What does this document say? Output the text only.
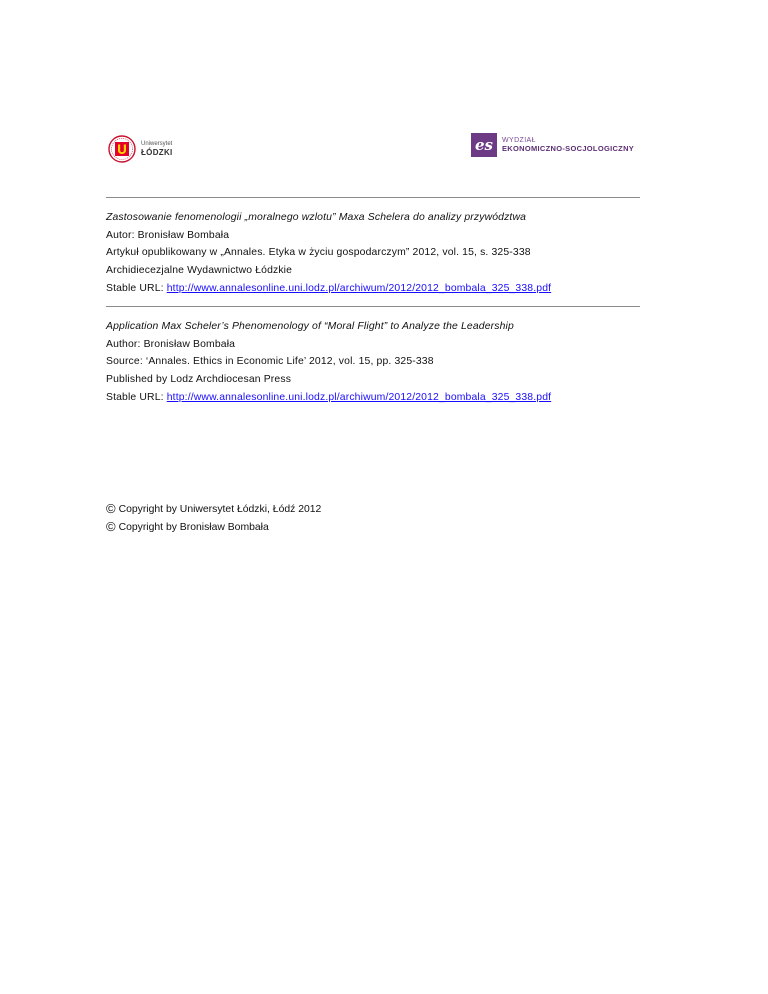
Uniwersytet
ŁÓDZKI	es	WYDZIAŁ
EKONOMICZNO-SOCJOLOGICZNY
Zastosowanie fenomenologii „moralnego wzlotu” Maxa Schelera do analizy przywództwa
Autor: Bronisław Bombała
Artykuł opublikowany w „Annales. Etyka w życiu gospodarczym” 2012, vol. 15, s. 325-338
Archidiecezjalne Wydawnictwo Łódzkie
Stable URL: http://www.annalesonline.uni.lodz.pl/archiwum/2012/2012_bombala_325_338.pdf
Application Max Scheler’s Phenomenology of “Moral Flight” to Analyze the Leadership
Author: Bronisław Bombała
Source: ‘Annales. Ethics in Economic Life’ 2012, vol. 15, pp. 325-338
Published by Lodz Archdiocesan Press
Stable URL: http://www.annalesonline.uni.lodz.pl/archiwum/2012/2012_bombala_325_338.pdf
© Copyright by Uniwersytet Łódzki, Łódź 2012
© Copyright by Bronisław Bombała
